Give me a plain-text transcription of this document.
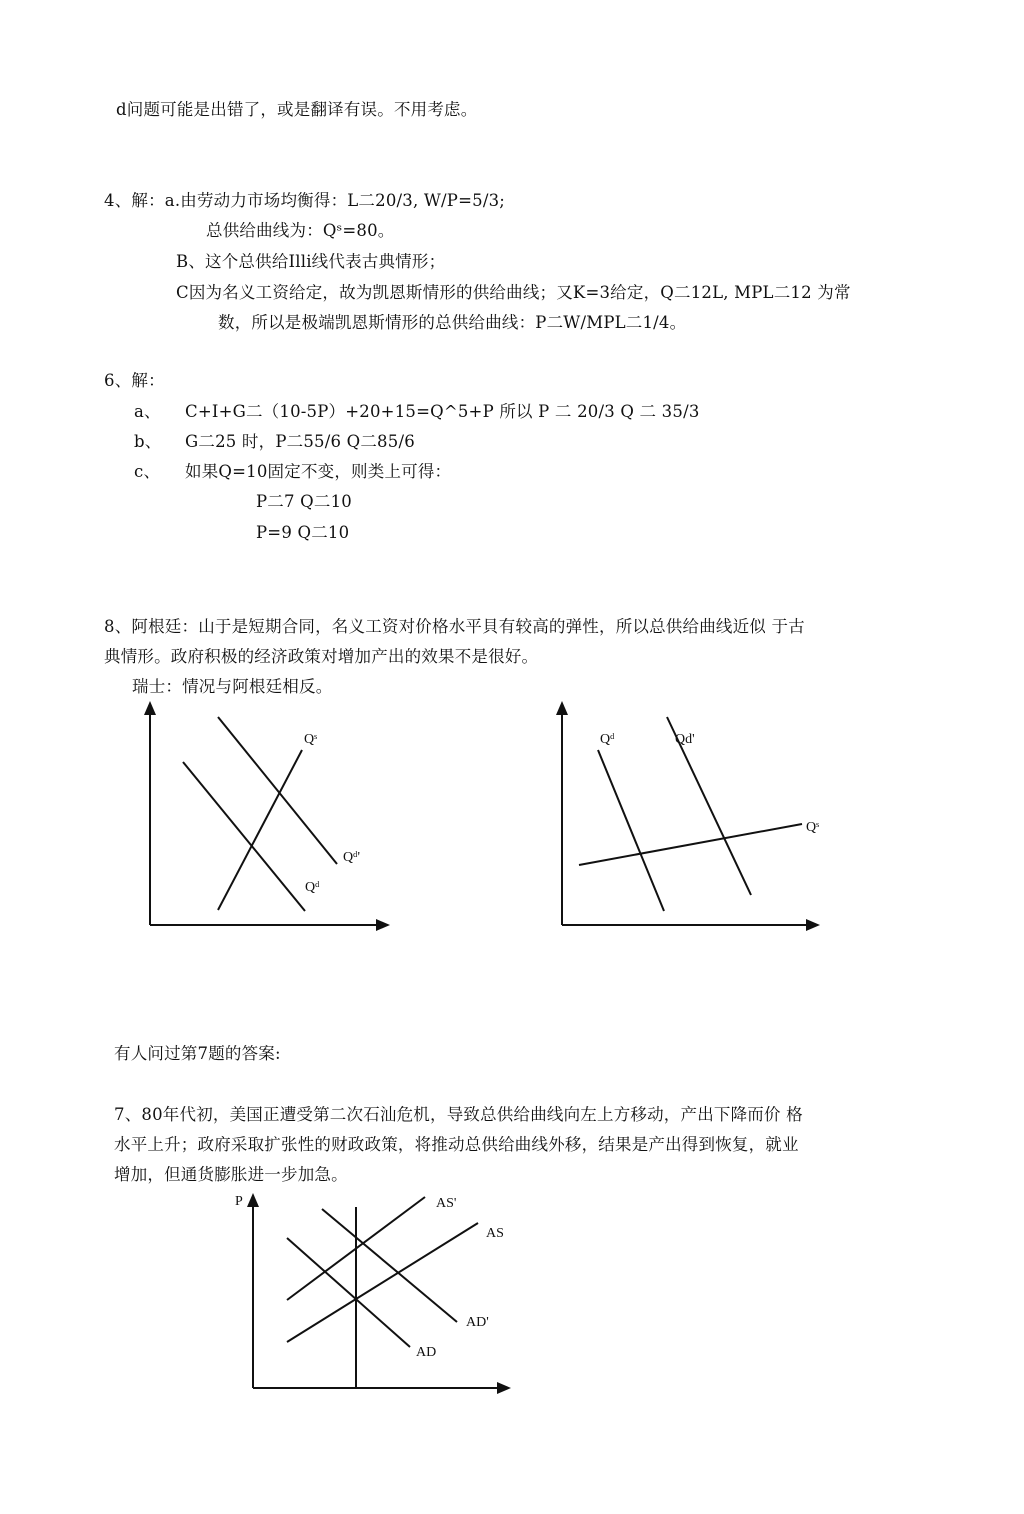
d问题可能是出错了，或是翻译有误。不用考虑。
4、解：a.由劳动力市场均衡得：L二20/3, W/P=5/3;
总供给曲线为：Qˢ=80。
B、这个总供给Illi线代表古典情形；
C因为名义工资给定，故为凯恩斯情形的供给曲线；又K=3给定，Q二12L, MPL二12 为常
数，所以是极端凯恩斯情形的总供给曲线：P二W/MPL二1/4。
6、解：
a、 C+I+G二（10-5P）+20+15=Q^5+P 所以 P 二 20/3 Q 二 35/3
b、 G二25 时，P二55/6 Q二85/6
c、 如果Q=10固定不变，则类上可得：
P二7 Q二10
P=9 Q二10
8、阿根廷：山于是短期合同，名义工资对价格水平貝有较高的弹性，所以总供给曲线近似 于古
典情形。政府积极的经济政策对增加产出的效果不是很好。
瑞士：情况与阿根廷相反。
Qˢ
Qᵈ'
Qᵈ
Qᵈ	Qd'
Qˢ
有人问过第7题的答案:
7、80年代初，美国正遭受第二次石汕危机，导致总供给曲线向左上方移动，产出下降而价 格
水平上升；政府采取扩张性的财政政策，将推动总供给曲线外移，结果是产出得到恢复，就业
增加，但通货膨胀进一步加急。
P	AS'
AS
AD'
AD
